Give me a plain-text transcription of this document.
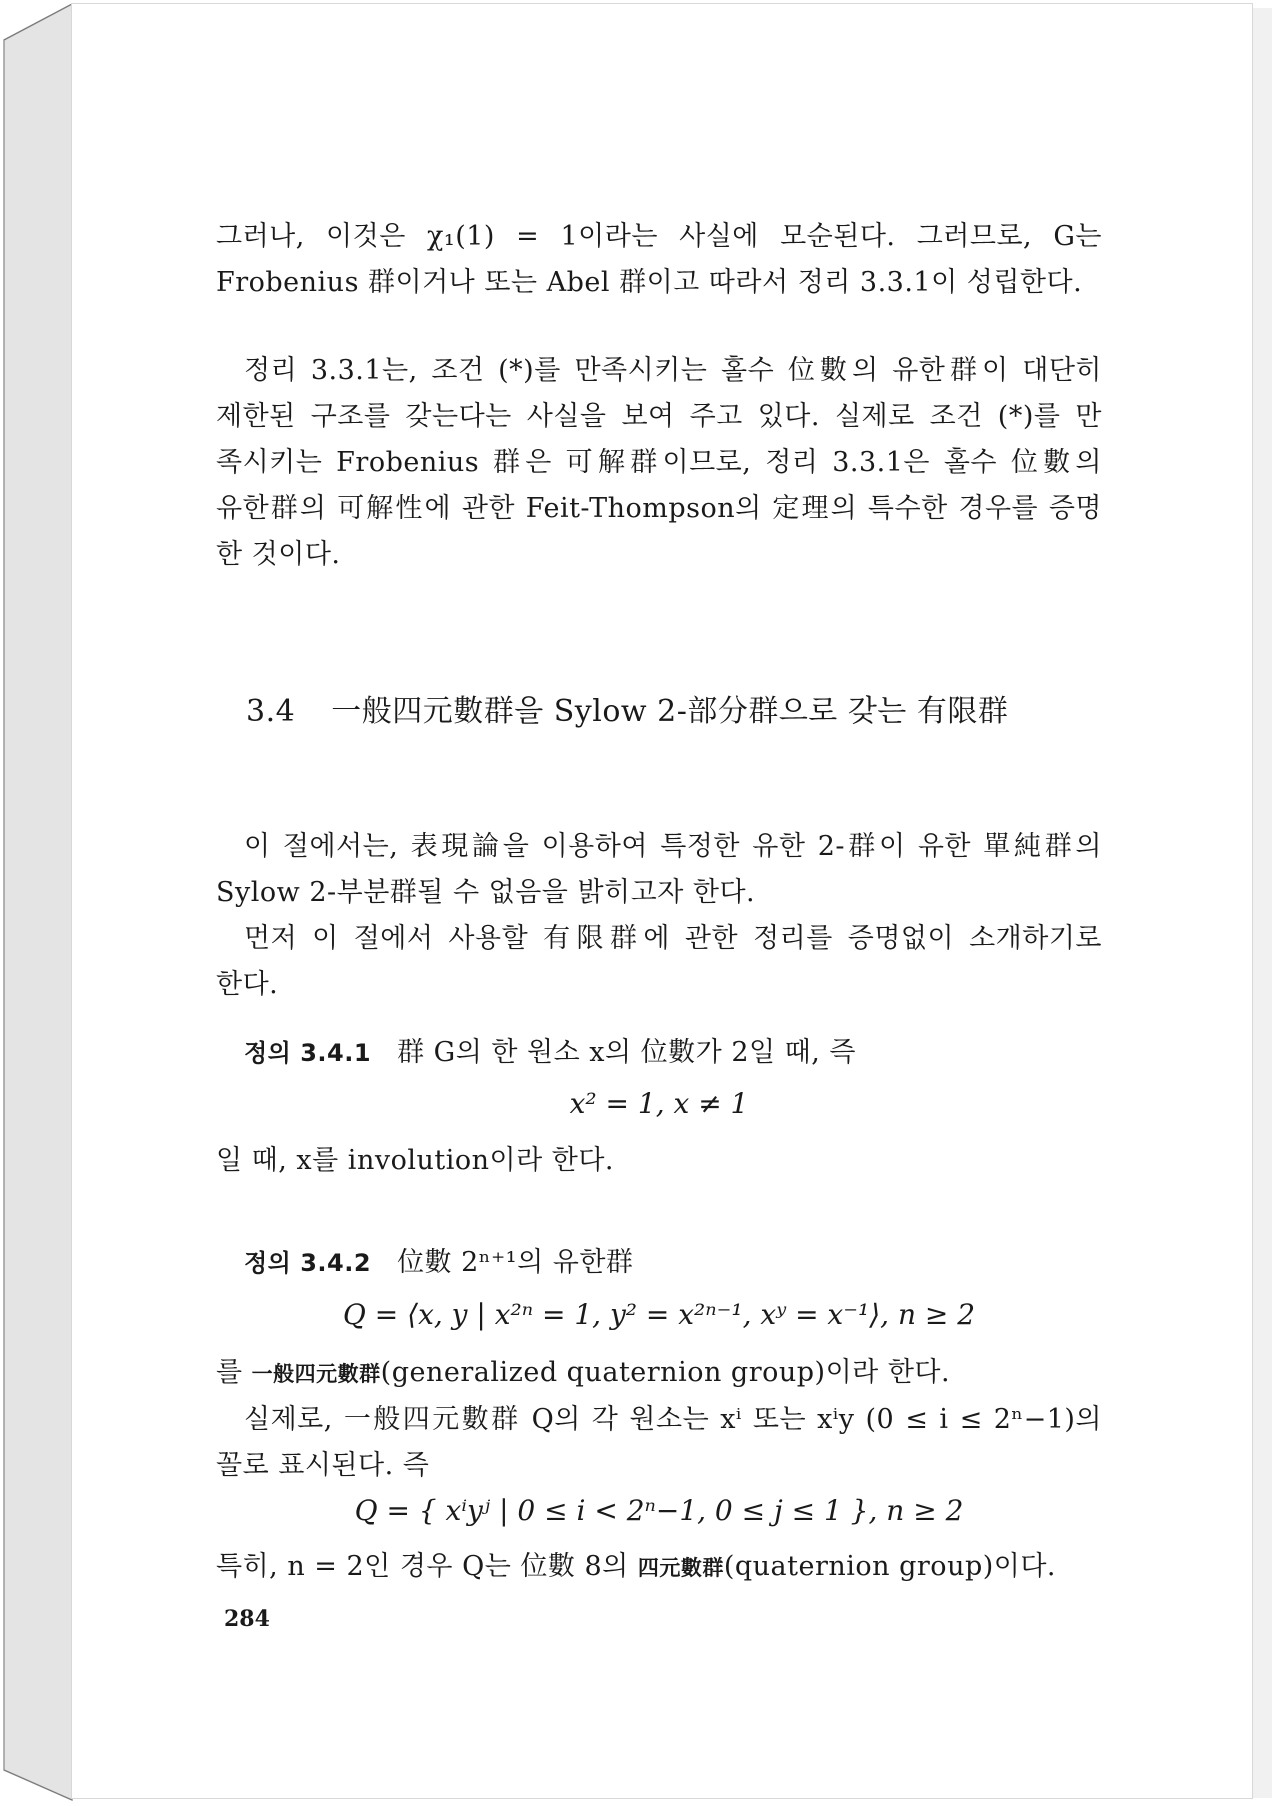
그러나, 이것은 χ₁(1) = 1이라는 사실에 모순된다. 그러므로, G는
Frobenius 群이거나 또는 Abel 群이고 따라서 정리 3.3.1이 성립한다.
정리 3.3.1는, 조건 (*)를 만족시키는 홀수 位數의 유한群이 대단히
제한된 구조를 갖는다는 사실을 보여 주고 있다. 실제로 조건 (*)를 만
족시키는 Frobenius 群은 可解群이므로, 정리 3.3.1은 홀수 位數의
유한群의 可解性에 관한 Feit-Thompson의 定理의 특수한 경우를 증명
한 것이다.
3.4 一般四元數群을 Sylow 2-部分群으로 갖는 有限群
이 절에서는, 表現論을 이용하여 특정한 유한 2-群이 유한 單純群의
Sylow 2-부분群될 수 없음을 밝히고자 한다.
먼저 이 절에서 사용할 有限群에 관한 정리를 증명없이 소개하기로
한다.
정의 3.4.1 群 G의 한 원소 x의 位數가 2일 때, 즉
x² = 1, x ≠ 1
일 때, x를 involution이라 한다.
정의 3.4.2 位數 2ⁿ⁺¹의 유한群
Q = ⟨x, y | x²ⁿ = 1, y² = x²ⁿ⁻¹, xʸ = x⁻¹⟩, n ≥ 2
를 一般四元數群(generalized quaternion group)이라 한다.
실제로, 一般四元數群 Q의 각 원소는 xⁱ 또는 xⁱy (0 ≤ i ≤ 2ⁿ−1)의
꼴로 표시된다. 즉
Q = { xⁱyʲ | 0 ≤ i < 2ⁿ−1, 0 ≤ j ≤ 1 }, n ≥ 2
특히, n = 2인 경우 Q는 位數 8의 四元數群(quaternion group)이다.
284
